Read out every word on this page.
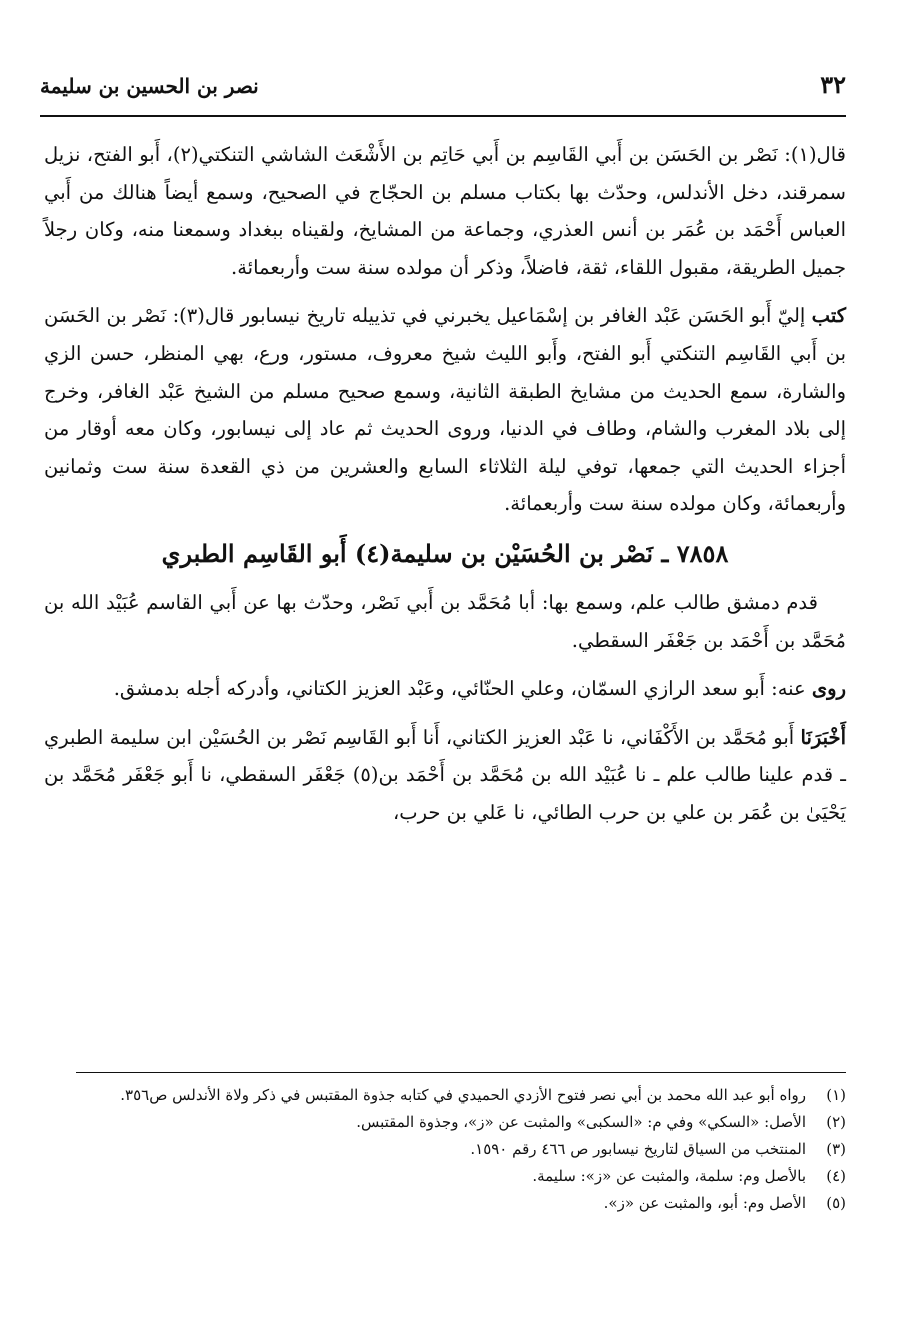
٣٢
نصر بن الحسين بن سليمة

قال(١): نَصْر بن الحَسَن بن أَبي القَاسِم بن أَبي حَاتِم بن الأَشْعَث الشاشي التنكتي(٢)، أَبو الفتح، نزيل سمرقند، دخل الأندلس، وحدّث بها بكتاب مسلم بن الحجّاج في الصحيح، وسمع أيضاً هنالك من أَبي العباس أَحْمَد بن عُمَر بن أنس العذري، وجماعة من المشايخ، ولقيناه ببغداد وسمعنا منه، وكان رجلاً جميل الطريقة، مقبول اللقاء، ثقة، فاضلاً، وذكر أن مولده سنة ست وأربعمائة.

كتب إليّ أَبو الحَسَن عَبْد الغافر بن إسْمَاعيل يخبرني في تذييله تاريخ نيسابور قال(٣): نَصْر بن الحَسَن بن أَبي القَاسِم التنكتي أَبو الفتح، وأَبو الليث شيخ معروف، مستور، ورع، بهي المنظر، حسن الزي والشارة، سمع الحديث من مشايخ الطبقة الثانية، وسمع صحيح مسلم من الشيخ عَبْد الغافر، وخرج إلى بلاد المغرب والشام، وطاف في الدنيا، وروى الحديث ثم عاد إلى نيسابور، وكان معه أوقار من أجزاء الحديث التي جمعها، توفي ليلة الثلاثاء السابع والعشرين من ذي القعدة سنة ست وثمانين وأربعمائة، وكان مولده سنة ست وأربعمائة.

٧٨٥٨ ـ نَصْر بن الحُسَيْن بن سليمة(٤) أَبو القَاسِم الطبري

قدم دمشق طالب علم، وسمع بها: أبا مُحَمَّد بن أَبي نَصْر، وحدّث بها عن أَبي القاسم عُبَيْد الله بن مُحَمَّد بن أَحْمَد بن جَعْفَر السقطي.

روى عنه: أَبو سعد الرازي السمّان، وعلي الحنّائي، وعَبْد العزيز الكتاني، وأدركه أجله بدمشق.

أَخْبَرَنَا أَبو مُحَمَّد بن الأَكْفَاني، نا عَبْد العزيز الكتاني، أَنا أَبو القَاسِم نَصْر بن الحُسَيْن ابن سليمة الطبري ـ قدم علينا طالب علم ـ نا عُبَيْد الله بن مُحَمَّد بن أَحْمَد بن(٥) جَعْفَر السقطي، نا أَبو جَعْفَر مُحَمَّد بن يَحْيَىٰ بن عُمَر بن علي بن حرب الطائي، نا عَلي بن حرب،

(١)
رواه أبو عبد الله محمد بن أبي نصر فتوح الأزدي الحميدي في كتابه جذوة المقتبس في ذكر ولاة الأندلس ص٣٥٦.
(٢)
الأصل: «السكي» وفي م: «السكبى» والمثبت عن «ز»، وجذوة المقتبس.
(٣)
المنتخب من السياق لتاريخ نيسابور ص ٤٦٦ رقم ١٥٩٠.
(٤)
بالأصل وم: سلمة، والمثبت عن «ز»: سليمة.
(٥)
الأصل وم: أبو، والمثبت عن «ز».
